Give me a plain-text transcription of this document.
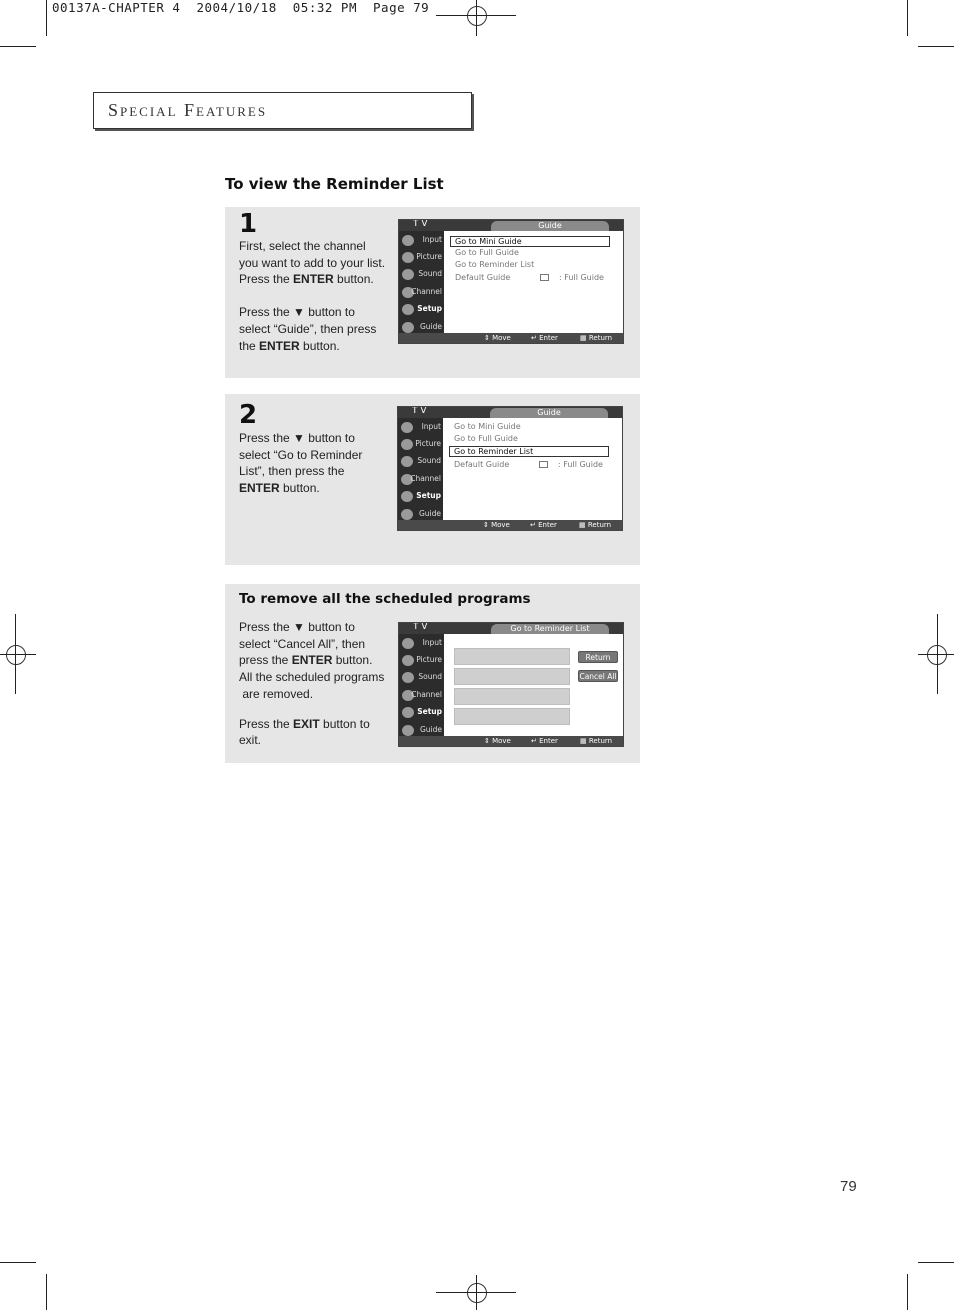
00137A-CHAPTER 4  2004/10/18  05:32 PM  Page 79
Special Features
To view the Reminder List
1
First, select the channel
you want to add to your list.
Press the ENTER button.
Press the ▼ button to
select “Guide”, then press
the ENTER button.
T V	Guide
Input
Picture
Sound
Channel
Setup
Guide
Go to Mini Guide
Go to Full Guide
Go to Reminder List
Default Guide	: Full Guide
⇕ Move	↵ Enter	▦ Return
2
Press the ▼ button to
select “Go to Reminder
List”, then press the
ENTER button.
T V	Guide
Input
Picture
Sound
Channel
Setup
Guide
Go to Mini Guide
Go to Full Guide
Go to Reminder List
Default Guide	: Full Guide
⇕ Move	↵ Enter	▦ Return
To remove all the scheduled programs
Press the ▼ button to
select “Cancel All”, then
press the ENTER button.
All the scheduled programs
are removed.
Press the EXIT button to
exit.
T V	Go to Reminder List
Input
Picture
Sound
Channel
Setup
Guide
Return
Cancel All
⇕ Move	↵ Enter	▦ Return
79
